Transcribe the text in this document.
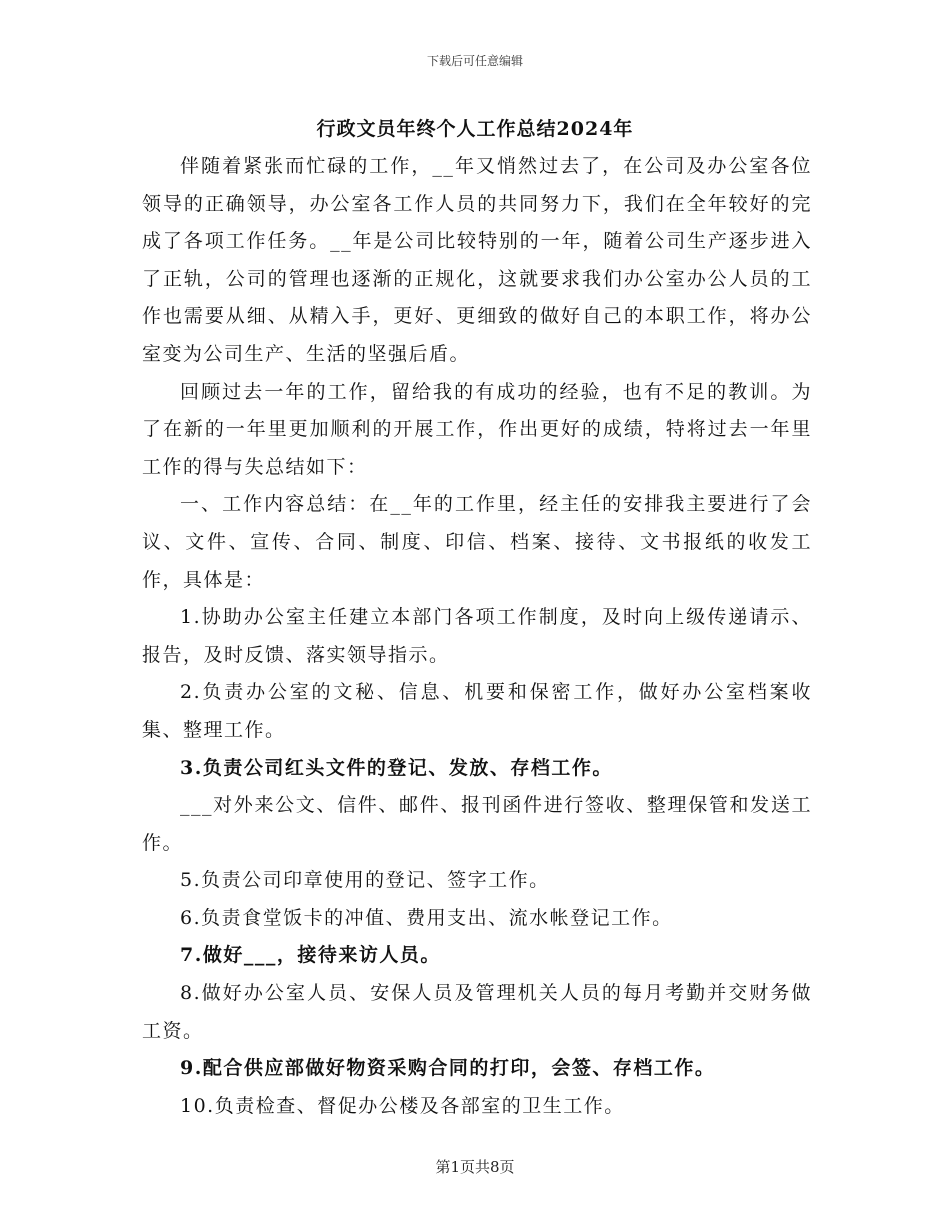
下载后可任意编辑
行政文员年终个人工作总结2024年

伴随着紧张而忙碌的工作，__年又悄然过去了，在公司及办公室各位领导的正确领导，办公室各工作人员的共同努力下，我们在全年较好的完成了各项工作任务。__年是公司比较特别的一年，随着公司生产逐步进入了正轨，公司的管理也逐渐的正规化，这就要求我们办公室办公人员的工作也需要从细、从精入手，更好、更细致的做好自己的本职工作，将办公室变为公司生产、生活的坚强后盾。

回顾过去一年的工作，留给我的有成功的经验，也有不足的教训。为了在新的一年里更加顺利的开展工作，作出更好的成绩，特将过去一年里工作的得与失总结如下：

一、工作内容总结：在__年的工作里，经主任的安排我主要进行了会议、文件、宣传、合同、制度、印信、档案、接待、文书报纸的收发工作，具体是：

1.协助办公室主任建立本部门各项工作制度，及时向上级传递请示、报告，及时反馈、落实领导指示。

2.负责办公室的文秘、信息、机要和保密工作，做好办公室档案收集、整理工作。

3.负责公司红头文件的登记、发放、存档工作。

___对外来公文、信件、邮件、报刊函件进行签收、整理保管和发送工作。

5.负责公司印章使用的登记、签字工作。

6.负责食堂饭卡的冲值、费用支出、流水帐登记工作。

7.做好___，接待来访人员。

8.做好办公室人员、安保人员及管理机关人员的每月考勤并交财务做工资。

9.配合供应部做好物资采购合同的打印，会签、存档工作。

10.负责检查、督促办公楼及各部室的卫生工作。

第1页共8页
